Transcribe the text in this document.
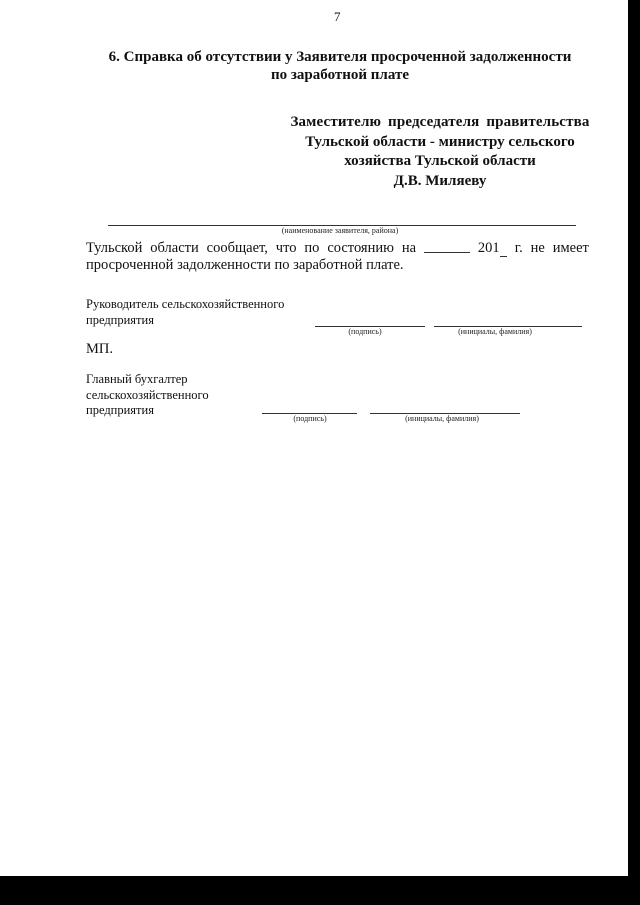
7
6. Справка об отсутствии у Заявителя просроченной задолженности
по заработной плате
Заместителю председателя правительства
Тульской области - министру сельского
хозяйства Тульской области
Д.В. Миляеву
(наименование заявителя, района)
Тульской области сообщает, что по состоянию на	201	г. не имеет
просроченной задолженности по заработной плате.
Руководитель сельскохозяйственного
предприятия
(подпись)	(инициалы, фамилия)
МП.
Главный бухгалтер
сельскохозяйственного
предприятия
(подпись)	(инициалы, фамилия)
